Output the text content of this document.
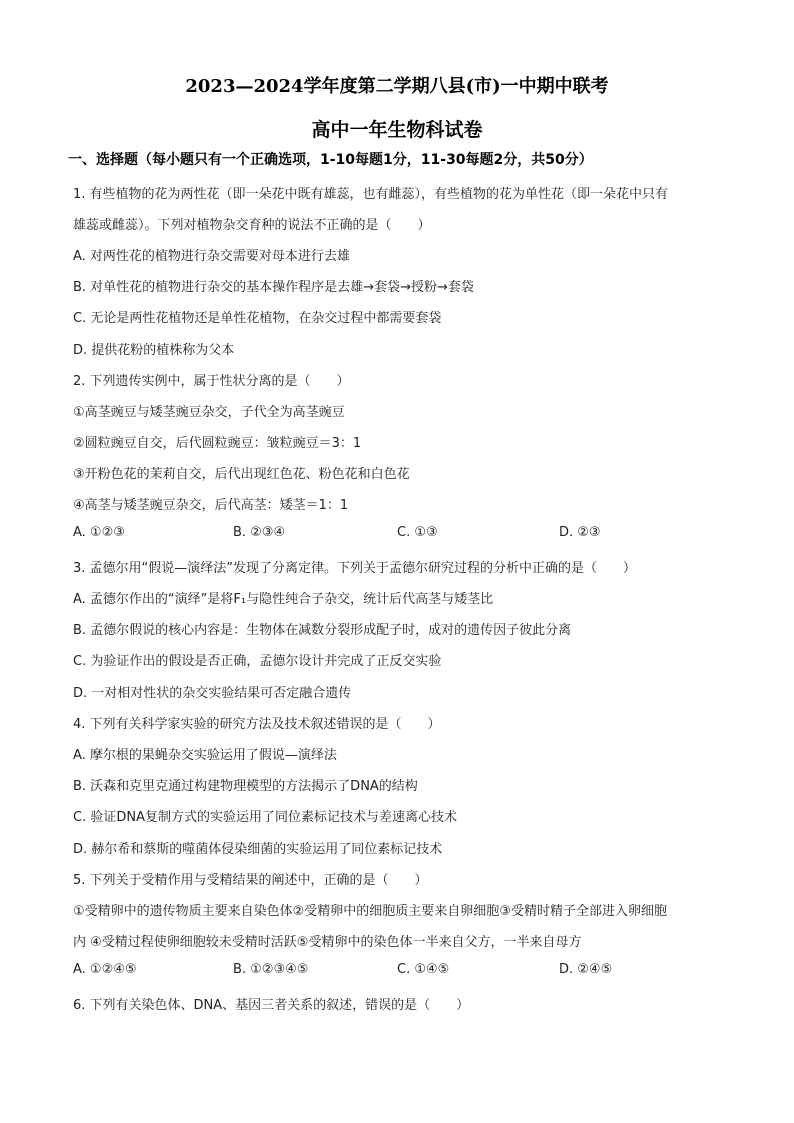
2023—2024学年度第二学期八县(市)一中期中联考
高中一年生物科试卷
一、选择题（每小题只有一个正确选项，1-10每题1分，11-30每题2分，共50分）
1. 有些植物的花为两性花（即一朵花中既有雄蕊，也有雌蕊），有些植物的花为单性花（即一朵花中只有
雄蕊或雌蕊）。下列对植物杂交育种的说法不正确的是（　　）
A. 对两性花的植物进行杂交需要对母本进行去雄
B. 对单性花的植物进行杂交的基本操作程序是去雄→套袋→授粉→套袋
C. 无论是两性花植物还是单性花植物，在杂交过程中都需要套袋
D. 提供花粉的植株称为父本
2. 下列遗传实例中，属于性状分离的是（　　）
①高茎豌豆与矮茎豌豆杂交，子代全为高茎豌豆
②圆粒豌豆自交，后代圆粒豌豆：皱粒豌豆＝3：1
③开粉色花的茉莉自交，后代出现红色花、粉色花和白色花
④高茎与矮茎豌豆杂交，后代高茎：矮茎＝1：1
A. ①②③	B. ②③④	C. ①③	D. ②③
3. 孟德尔用“假说—演绎法”发现了分离定律。下列关于孟德尔研究过程的分析中正确的是（　　）
A. 孟德尔作出的“演绎”是将F₁与隐性纯合子杂交，统计后代高茎与矮茎比
B. 孟德尔假说的核心内容是：生物体在减数分裂形成配子时，成对的遗传因子彼此分离
C. 为验证作出的假设是否正确，孟德尔设计并完成了正反交实验
D. 一对相对性状的杂交实验结果可否定融合遗传
4. 下列有关科学家实验的研究方法及技术叙述错误的是（　　）
A. 摩尔根的果蝇杂交实验运用了假说—演绎法
B. 沃森和克里克通过构建物理模型的方法揭示了DNA的结构
C. 验证DNA复制方式的实验运用了同位素标记技术与差速离心技术
D. 赫尔希和蔡斯的噬菌体侵染细菌的实验运用了同位素标记技术
5. 下列关于受精作用与受精结果的阐述中，正确的是（　　）
①受精卵中的遗传物质主要来自染色体②受精卵中的细胞质主要来自卵细胞③受精时精子全部进入卵细胞
内 ④受精过程使卵细胞较未受精时活跃⑤受精卵中的染色体一半来自父方，一半来自母方
A. ①②④⑤	B. ①②③④⑤	C. ①④⑤	D. ②④⑤
6. 下列有关染色体、DNA、基因三者关系的叙述，错误的是（　　）
